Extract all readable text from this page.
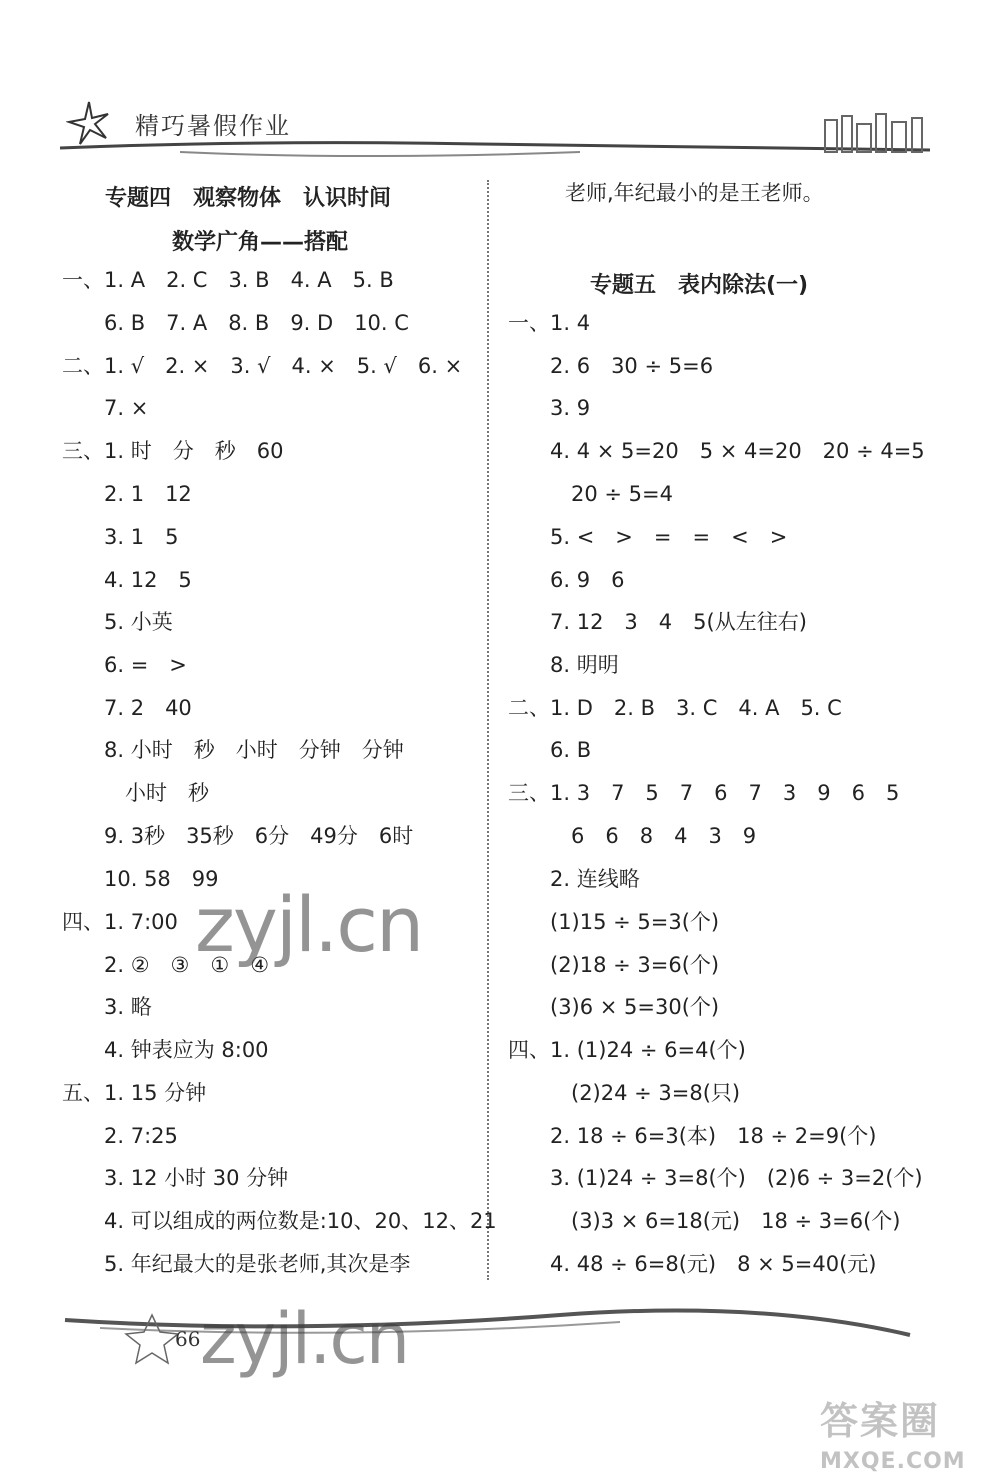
精巧暑假作业
专题四　观察物体　认识时间
数学广角——搭配
一、1. A　2. C　3. B　4. A　5. B
　　6. B　7. A　8. B　9. D　10. C
二、1. √　2. ×　3. √　4. ×　5. √　6. ×
　　7. ×
三、1. 时　分　秒　60
　　2. 1　12
　　3. 1　5
　　4. 12　5
　　5. 小英
　　6. =　>
　　7. 2　40
　　8. 小时　秒　小时　分钟　分钟
　　　小时　秒
　　9. 3秒　35秒　6分　49分　6时
　　10. 58　99
四、1. 7:00
　　2. ②　③　①　④
　　3. 略
　　4. 钟表应为 8:00
五、1. 15 分钟
　　2. 7:25
　　3. 12 小时 30 分钟
　　4. 可以组成的两位数是:10、20、12、21
　　5. 年纪最大的是张老师,其次是李
老师,年纪最小的是王老师。
专题五　表内除法(一)
一、1. 4
　　2. 6　30 ÷ 5=6
　　3. 9
　　4. 4 × 5=20　5 × 4=20　20 ÷ 4=5
　　　20 ÷ 5=4
　　5. <　>　=　=　<　>
　　6. 9　6
　　7. 12　3　4　5(从左往右)
　　8. 明明
二、1. D　2. B　3. C　4. A　5. C
　　6. B
三、1. 3　7　5　7　6　7　3　9　6　5
　　　6　6　8　4　3　9
　　2. 连线略
　　(1)15 ÷ 5=3(个)
　　(2)18 ÷ 3=6(个)
　　(3)6 × 5=30(个)
四、1. (1)24 ÷ 6=4(个)
　　　(2)24 ÷ 3=8(只)
　　2. 18 ÷ 6=3(本)　18 ÷ 2=9(个)
　　3. (1)24 ÷ 3=8(个)　(2)6 ÷ 3=2(个)
　　　(3)3 × 6=18(元)　18 ÷ 3=6(个)
　　4. 48 ÷ 6=8(元)　8 × 5=40(元)
zyjl.cn
66 zyjl.cn
答案圈
MXQE.COM
